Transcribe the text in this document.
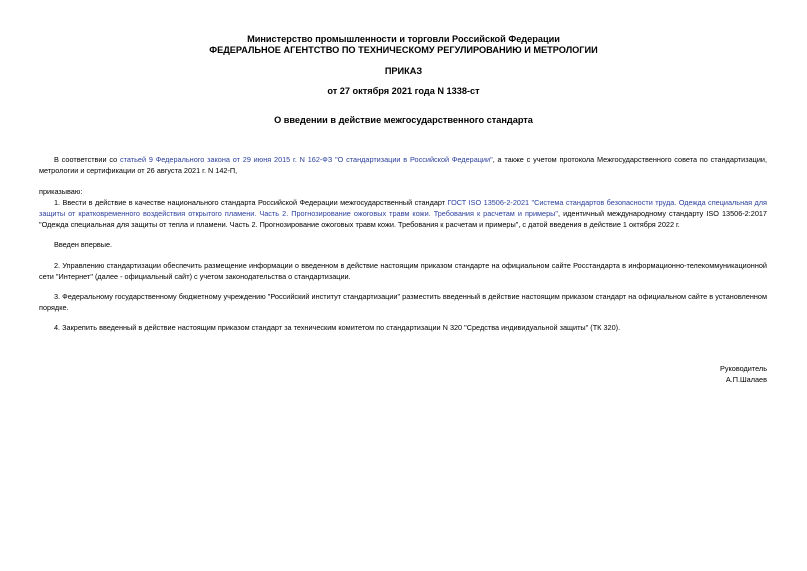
Министерство промышленности и торговли Российской Федерации
ФЕДЕРАЛЬНОЕ АГЕНТСТВО ПО ТЕХНИЧЕСКОМУ РЕГУЛИРОВАНИЮ И МЕТРОЛОГИИ
ПРИКАЗ
от 27 октября 2021 года N 1338-ст
О введении в действие межгосударственного стандарта
В соответствии со статьей 9 Федерального закона от 29 июня 2015 г. N 162-ФЗ "О стандартизации в Российской Федерации", а также с учетом протокола Межгосударственного совета по стандартизации, метрологии и сертификации от 26 августа 2021 г. N 142-П,
приказываю:
1. Ввести в действие в качестве национального стандарта Российской Федерации межгосударственный стандарт ГОСТ ISO 13506-2-2021 "Система стандартов безопасности труда. Одежда специальная для защиты от кратковременного воздействия открытого пламени. Часть 2. Прогнозирование ожоговых травм кожи. Требования к расчетам и примеры", идентичный международному стандарту ISO 13506-2:2017 "Одежда специальная для защиты от тепла и пламени. Часть 2. Прогнозирование ожоговых травм кожи. Требования к расчетам и примеры", с датой введения в действие 1 октября 2022 г.
Введен впервые.
2. Управлению стандартизации обеспечить размещение информации о введенном в действие настоящим приказом стандарте на официальном сайте Росстандарта в информационно-телекоммуникационной сети "Интернет" (далее - официальный сайт) с учетом законодательства о стандартизации.
3. Федеральному государственному бюджетному учреждению "Российский институт стандартизации" разместить введенный в действие настоящим приказом стандарт на официальном сайте в установленном порядке.
4. Закрепить введенный в действие настоящим приказом стандарт за техническим комитетом по стандартизации N 320 "Средства индивидуальной защиты" (ТК 320).
Руководитель
А.П.Шалаев
